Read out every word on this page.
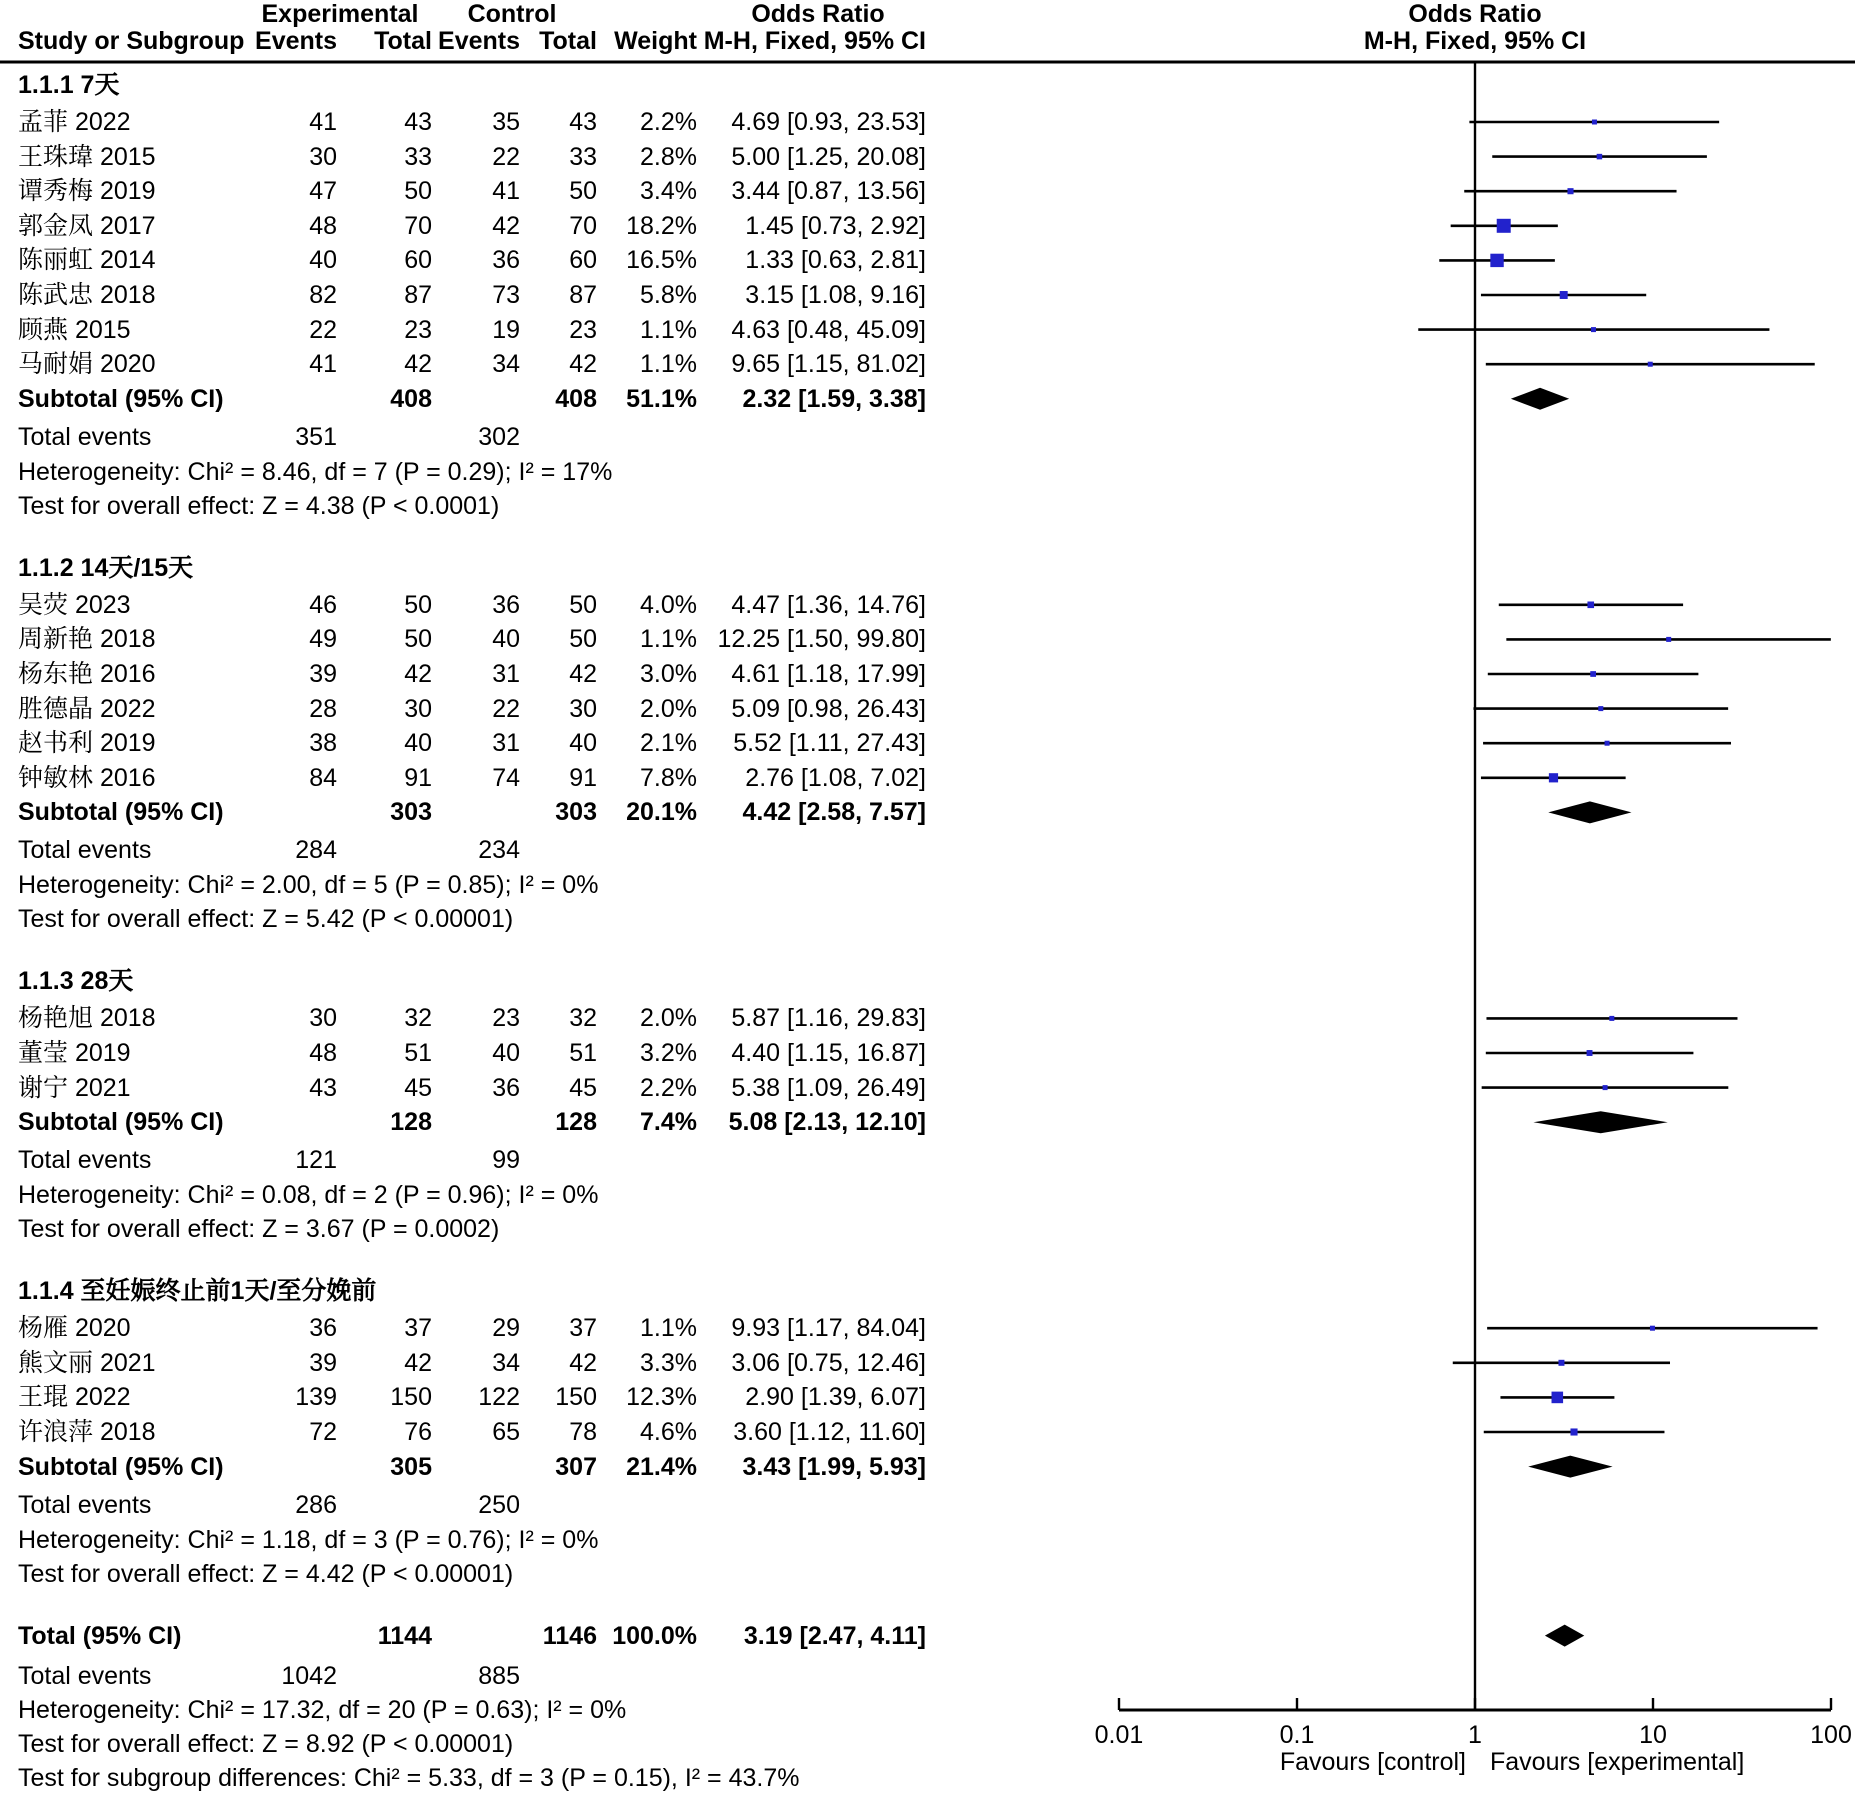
Experimental	Control	Odds Ratio	Odds Ratio
Study or Subgroup Events	Total Events Total Weight M-H, Fixed, 95% CI	M-H, Fixed, 95% CI
0.01	0.1	1	10	100
Favours [control] Favours [experimental]
1.1.1 7天
孟菲 2022	41	43	35	43	2.2%	4.69 [0.93, 23.53]
王珠瑋 2015	30	33	22	33	2.8%	5.00 [1.25, 20.08]
谭秀梅 2019	47	50	41	50	3.4%	3.44 [0.87, 13.56]
郭金凤 2017	48	70	42	70	18.2%	1.45 [0.73, 2.92]
陈丽虹 2014	40	60	36	60	16.5%	1.33 [0.63, 2.81]
陈武忠 2018	82	87	73	87	5.8%	3.15 [1.08, 9.16]
顾燕 2015	22	23	19	23	1.1%	4.63 [0.48, 45.09]
马耐娟 2020	41	42	34	42	1.1%	9.65 [1.15, 81.02]
Subtotal (95% CI)	408	408	51.1%	2.32 [1.59, 3.38]
Total events	351	302
Heterogeneity: Chi² = 8.46, df = 7 (P = 0.29); I² = 17%
Test for overall effect: Z = 4.38 (P < 0.0001)
1.1.2 14天/15天
吴荧 2023	46	50	36	50	4.0%	4.47 [1.36, 14.76]
周新艳 2018	49	50	40	50	1.1% 12.25 [1.50, 99.80]
杨东艳 2016	39	42	31	42	3.0%	4.61 [1.18, 17.99]
胜德晶 2022	28	30	22	30	2.0%	5.09 [0.98, 26.43]
赵书利 2019	38	40	31	40	2.1%	5.52 [1.11, 27.43]
钟敏林 2016	84	91	74	91	7.8%	2.76 [1.08, 7.02]
Subtotal (95% CI)	303	303	20.1%	4.42 [2.58, 7.57]
Total events	284	234
Heterogeneity: Chi² = 2.00, df = 5 (P = 0.85); I² = 0%
Test for overall effect: Z = 5.42 (P < 0.00001)
1.1.3 28天
杨艳旭 2018	30	32	23	32	2.0%	5.87 [1.16, 29.83]
董莹 2019	48	51	40	51	3.2%	4.40 [1.15, 16.87]
谢宁 2021	43	45	36	45	2.2%	5.38 [1.09, 26.49]
Subtotal (95% CI)	128	128	7.4%	5.08 [2.13, 12.10]
Total events	121	99
Heterogeneity: Chi² = 0.08, df = 2 (P = 0.96); I² = 0%
Test for overall effect: Z = 3.67 (P = 0.0002)
1.1.4 至妊娠终止前1天/至分娩前
杨雁 2020	36	37	29	37	1.1%	9.93 [1.17, 84.04]
熊文丽 2021	39	42	34	42	3.3%	3.06 [0.75, 12.46]
王琨 2022	139	150	122	150	12.3%	2.90 [1.39, 6.07]
许浪萍 2018	72	76	65	78	4.6%	3.60 [1.12, 11.60]
Subtotal (95% CI)	305	307	21.4%	3.43 [1.99, 5.93]
Total events	286	250
Heterogeneity: Chi² = 1.18, df = 3 (P = 0.76); I² = 0%
Test for overall effect: Z = 4.42 (P < 0.00001)
Total (95% CI)	1144	1146 100.0%	3.19 [2.47, 4.11]
Total events	1042	885
Heterogeneity: Chi² = 17.32, df = 20 (P = 0.63); I² = 0%
Test for overall effect: Z = 8.92 (P < 0.00001)
Test for subgroup differences: Chi² = 5.33, df = 3 (P = 0.15), I² = 43.7%
